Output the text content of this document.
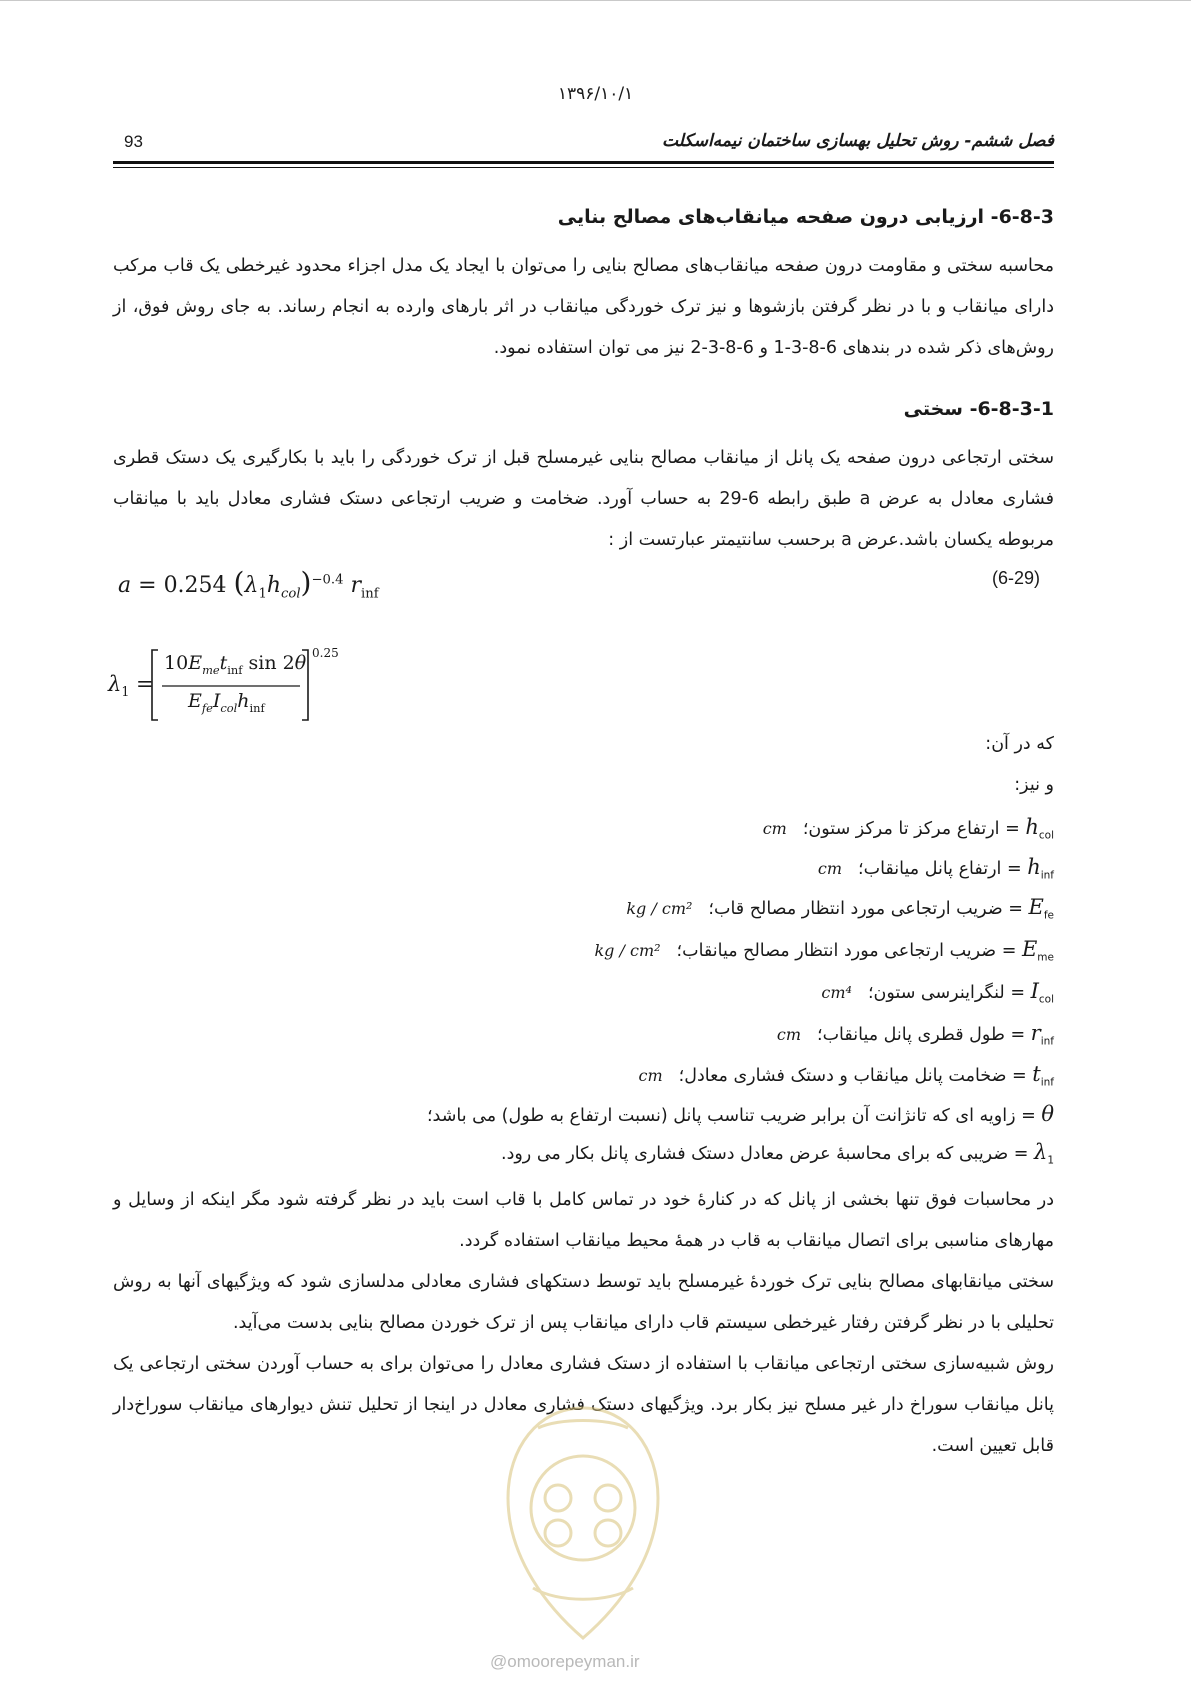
۱۳۹۶/۱۰/۱
93	فصل ششم- روش تحلیل بهسازی ساختمان نیمه‌اسکلت
6-8-3- ارزیابی درون صفحه میانقاب‌های مصالح بنایی
محاسبه سختی و مقاومت درون صفحه میانقاب‌های مصالح بنایی را می‌توان با ایجاد یک مدل اجزاء محدود غیرخطی یک قاب مرکب دارای میانقاب و با در نظر گرفتن بازشوها و نیز ترک خوردگی میانقاب در اثر بارهای وارده به انجام رساند. به جای روش فوق، از روش‌های ذکر شده در بندهای 6-8-3-1 و 6-8-3-2 نیز می توان استفاده نمود.
6-8-3-1- سختی
سختی ارتجاعی درون صفحه یک پانل از میانقاب مصالح بنایی غیرمسلح قبل از ترک خوردگی را باید با بکارگیری یک دستک قطری فشاری معادل به عرض a طبق رابطه 6-29 به حساب آورد. ضخامت و ضریب ارتجاعی دستک فشاری معادل باید با میانقاب مربوطه یکسان باشد.عرض a برحسب سانتیمتر عبارتست از :
a = 0.254 $(\lambda_1h_{col})^{-0.4}$ $r_{inf}$
(6-29)
$\lambda_1$ =
$10E_{me}t_{inf}$ sin 2θ
$E_{fe}I_{col}h_{inf}$
0.25
که در آن:
و نیز:
$h_{col}$ = ارتفاع مرکز تا مرکز ستون؛cm
$h_{inf}$ = ارتفاع پانل میانقاب؛cm
$E_{fe}$ = ضریب ارتجاعی مورد انتظار مصالح قاب؛kg / cm²
$E_{me}$ = ضریب ارتجاعی مورد انتظار مصالح میانقاب؛kg / cm²
$I_{col}$ = لنگراینرسی ستون؛cm⁴
$r_{inf}$ = طول قطری پانل میانقاب؛cm
$t_{inf}$ = ضخامت پانل میانقاب و دستک فشاری معادل؛cm
θ = زاویه ای که تانژانت آن برابر ضریب تناسب پانل (نسبت ارتفاع به طول) می باشد؛
$\lambda_1$ = ضریبی که برای محاسبهٔ عرض معادل دستک فشاری پانل بکار می رود.
در محاسبات فوق تنها بخشی از پانل که در کنارهٔ خود در تماس کامل با قاب است باید در نظر گرفته شود مگر اینکه از وسایل و مهارهای مناسبی برای اتصال میانقاب به قاب در همهٔ محیط میانقاب استفاده گردد.
سختی میانقابهای مصالح بنایی ترک خوردهٔ غیرمسلح باید توسط دستکهای فشاری معادلی مدلسازی شود که ویژگیهای آنها به روش تحلیلی با در نظر گرفتن رفتار غیرخطی سیستم قاب دارای میانقاب پس از ترک خوردن مصالح بنایی بدست می‌آید.
روش شبیه‌سازی سختی ارتجاعی میانقاب با استفاده از دستک فشاری معادل را می‌توان برای به حساب آوردن سختی ارتجاعی یک پانل میانقاب سوراخ دار غیر مسلح نیز بکار برد. ویژگیهای دستک فشاری معادل در اینجا از تحلیل تنش دیوارهای میانقاب سوراخ‌دار قابل تعیین است.
@omoorepeyman.ir
